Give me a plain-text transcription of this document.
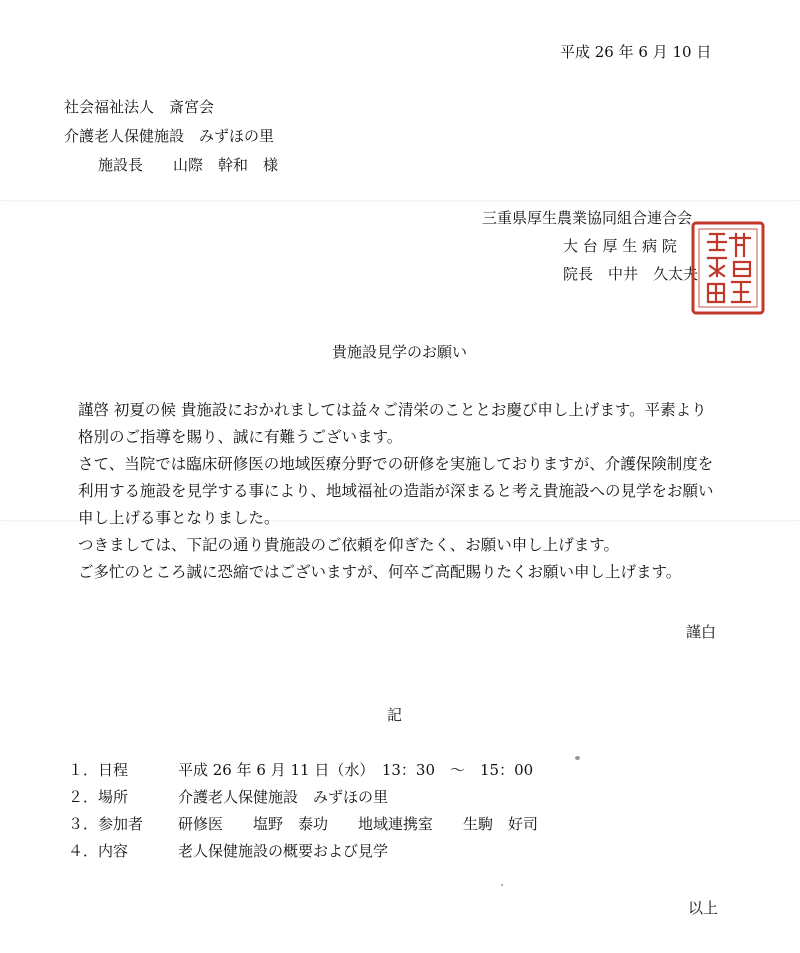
平成 26 年 6 月 10 日
社会福祉法人　斎宮会
介護老人保健施設　みずほの里
施設長　　山際　幹和　様
三重県厚生農業協同組合連合会
大 台 厚 生 病 院
院長　中井　久太夫
貴施設見学のお願い

謹啓 初夏の候 貴施設におかれましては益々ご清栄のこととお慶び申し上げます。平素より格別のご指導を賜り、誠に有難うございます。

さて、当院では臨床研修医の地域医療分野での研修を実施しておりますが、介護保険制度を利用する施設を見学する事により、地域福祉の造詣が深まると考え貴施設への見学をお願い申し上げる事となりました。

つきましては、下記の通り貴施設のご依頼を仰ぎたく、お願い申し上げます。

ご多忙のところ誠に恐縮ではございますが、何卒ご高配賜りたくお願い申し上げます。

謹白
記
１． 日程	平成 26 年 6 月 11 日（水）　13：30　～　15：00
２． 場所	介護老人保健施設　みずほの里
３． 参加者 研修医　　塩野　泰功　　地域連携室　　生駒　好司
４． 内容	老人保健施設の概要および見学
以上
